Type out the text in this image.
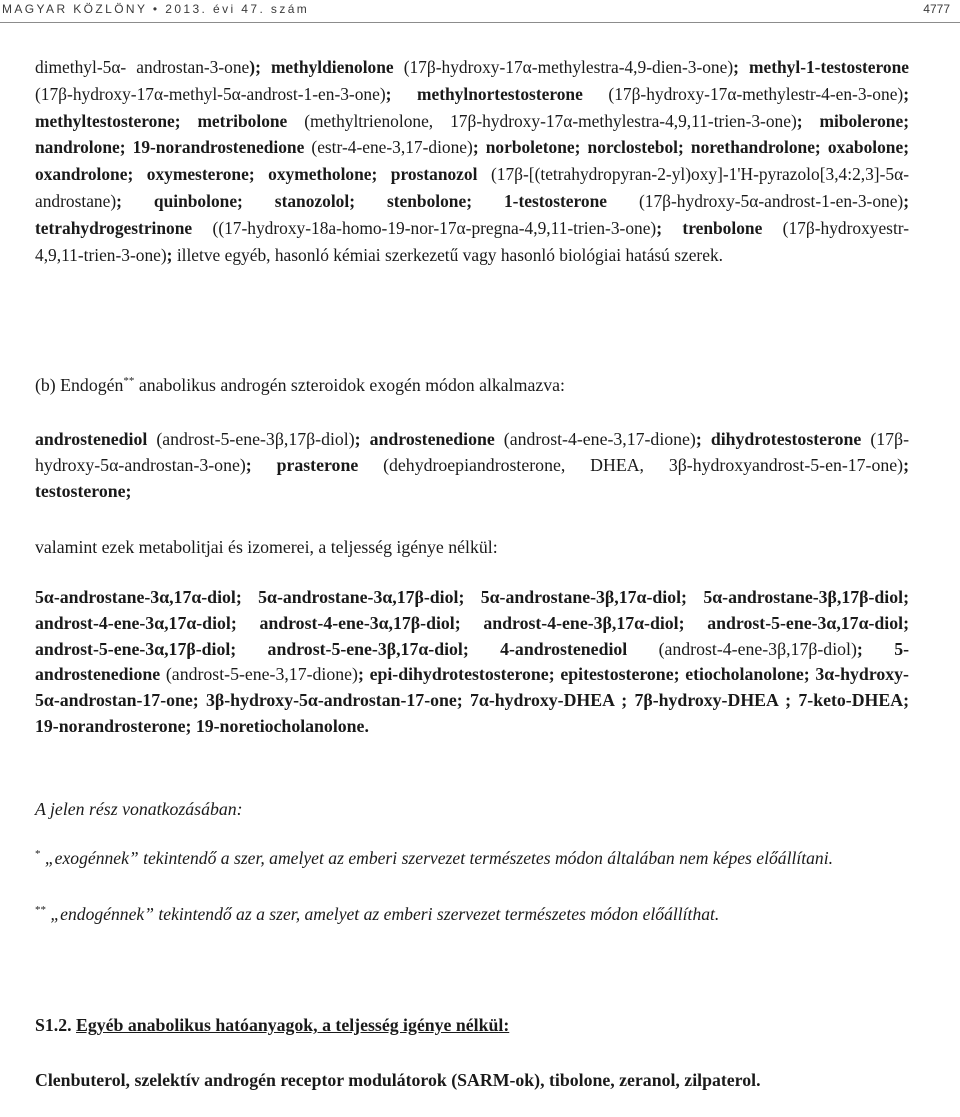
MAGYAR KÖZLÖNY • 2013. évi 47. szám	4777

dimethyl-5α- androstan-3-one); methyldienolone (17β-hydroxy-17α-methylestra-4,9-dien-3-one); methyl-1-testosterone (17β-hydroxy-17α-methyl-5α-androst-1-en-3-one); methylnortestosterone (17β-hydroxy-17α-methylestr-4-en-3-one); methyltestosterone; metribolone (methyltrienolone, 17β-hydroxy-17α-methylestra-4,9,11-trien-3-one); mibolerone; nandrolone; 19-norandrostenedione (estr-4-ene-3,17-dione); norboletone; norclostebol; norethandrolone; oxabolone; oxandrolone; oxymesterone; oxymetholone; prostanozol (17β-[(tetrahydropyran-2-yl)oxy]-1'H-pyrazolo[3,4:2,3]-5α-androstane); quinbolone; stanozolol; stenbolone; 1-testosterone (17β-hydroxy-5α-androst-1-en-3-one); tetrahydrogestrinone ((17-hydroxy-18a-homo-19-nor-17α-pregna-4,9,11-trien-3-one); trenbolone (17β-hydroxyestr-4,9,11-trien-3-one); illetve egyéb, hasonló kémiai szerkezetű vagy hasonló biológiai hatású szerek.

(b) Endogén** anabolikus androgén szteroidok exogén módon alkalmazva:

androstenediol (androst-5-ene-3β,17β-diol); androstenedione (androst-4-ene-3,17-dione); dihydrotestosterone (17β-hydroxy-5α-androstan-3-one); prasterone (dehydroepiandrosterone, DHEA, 3β-hydroxyandrost-5-en-17-one); testosterone;

valamint ezek metabolitjai és izomerei, a teljesség igénye nélkül:

5α-androstane-3α,17α-diol; 5α-androstane-3α,17β-diol; 5α-androstane-3β,17α-diol; 5α-androstane-3β,17β-diol; androst-4-ene-3α,17α-diol; androst-4-ene-3α,17β-diol; androst-4-ene-3β,17α-diol; androst-5-ene-3α,17α-diol; androst-5-ene-3α,17β-diol; androst-5-ene-3β,17α-diol; 4-androstenediol (androst-4-ene-3β,17β-diol); 5-androstenedione (androst-5-ene-3,17-dione); epi-dihydrotestosterone; epitestosterone; etiocholanolone; 3α-hydroxy-5α-androstan-17-one; 3β-hydroxy-5α-androstan-17-one; 7α-hydroxy-DHEA ; 7β-hydroxy-DHEA ; 7-keto-DHEA; 19-norandrosterone; 19-noretiocholanolone.

A jelen rész vonatkozásában:

* „exogénnek” tekintendő a szer, amelyet az emberi szervezet természetes módon általában nem képes előállítani.

** „endogénnek” tekintendő az a szer, amelyet az emberi szervezet természetes módon előállíthat.

S1.2. Egyéb anabolikus hatóanyagok, a teljesség igénye nélkül:

Clenbuterol, szelektív androgén receptor modulátorok (SARM-ok), tibolone, zeranol, zilpaterol.
